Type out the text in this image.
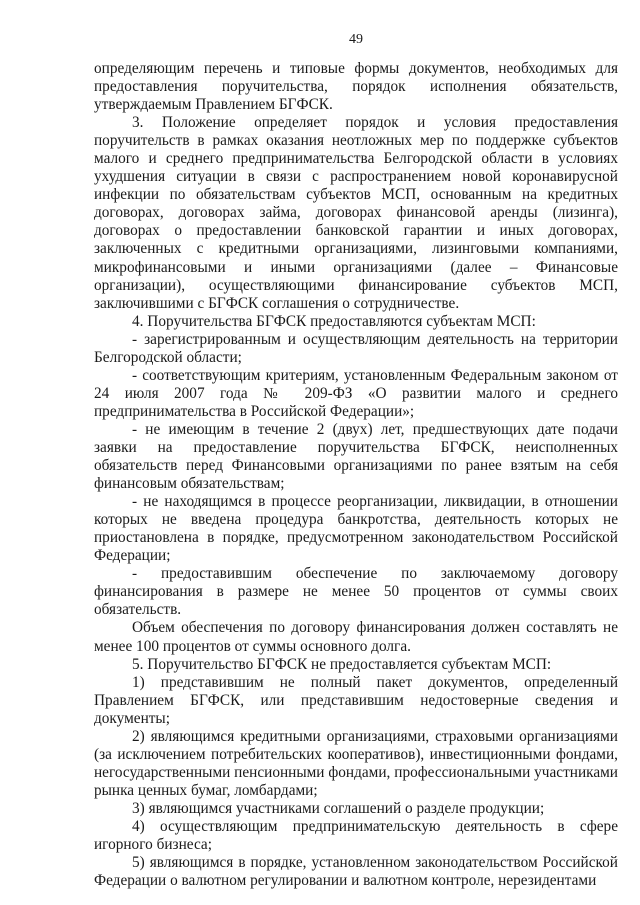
49

определяющим перечень и типовые формы документов, необходимых для предоставления поручительства, порядок исполнения обязательств, утверждаемым Правлением БГФСК.

3. Положение определяет порядок и условия предоставления поручительств в рамках оказания неотложных мер по поддержке субъектов малого и среднего предпринимательства Белгородской области в условиях ухудшения ситуации в связи с распространением новой коронавирусной инфекции по обязательствам субъектов МСП, основанным на кредитных договорах, договорах займа, договорах финансовой аренды (лизинга), договорах о предоставлении банковской гарантии и иных договорах, заключенных с кредитными организациями, лизинговыми компаниями, микрофинансовыми и иными организациями (далее – Финансовые организации), осуществляющими финансирование субъектов МСП, заключившими с БГФСК соглашения о сотрудничестве.

4. Поручительства БГФСК предоставляются субъектам МСП:

- зарегистрированным и осуществляющим деятельность на территории Белгородской области;

- соответствующим критериям, установленным Федеральным законом от 24 июля 2007 года № 209-ФЗ «О развитии малого и среднего предпринимательства в Российской Федерации»;

- не имеющим в течение 2 (двух) лет, предшествующих дате подачи заявки на предоставление поручительства БГФСК, неисполненных обязательств перед Финансовыми организациями по ранее взятым на себя финансовым обязательствам;

- не находящимся в процессе реорганизации, ликвидации, в отношении которых не введена процедура банкротства, деятельность которых не приостановлена в порядке, предусмотренном законодательством Российской Федерации;

- предоставившим обеспечение по заключаемому договору финансирования в размере не менее 50 процентов от суммы своих обязательств.

Объем обеспечения по договору финансирования должен составлять не менее 100 процентов от суммы основного долга.

5. Поручительство БГФСК не предоставляется субъектам МСП:

1) представившим не полный пакет документов, определенный Правлением БГФСК, или представившим недостоверные сведения и документы;

2) являющимся кредитными организациями, страховыми организациями (за исключением потребительских кооперативов), инвестиционными фондами, негосударственными пенсионными фондами, профессиональными участниками рынка ценных бумаг, ломбардами;

3) являющимся участниками соглашений о разделе продукции;

4) осуществляющим предпринимательскую деятельность в сфере игорного бизнеса;

5) являющимся в порядке, установленном законодательством Российской Федерации о валютном регулировании и валютном контроле, нерезидентами
